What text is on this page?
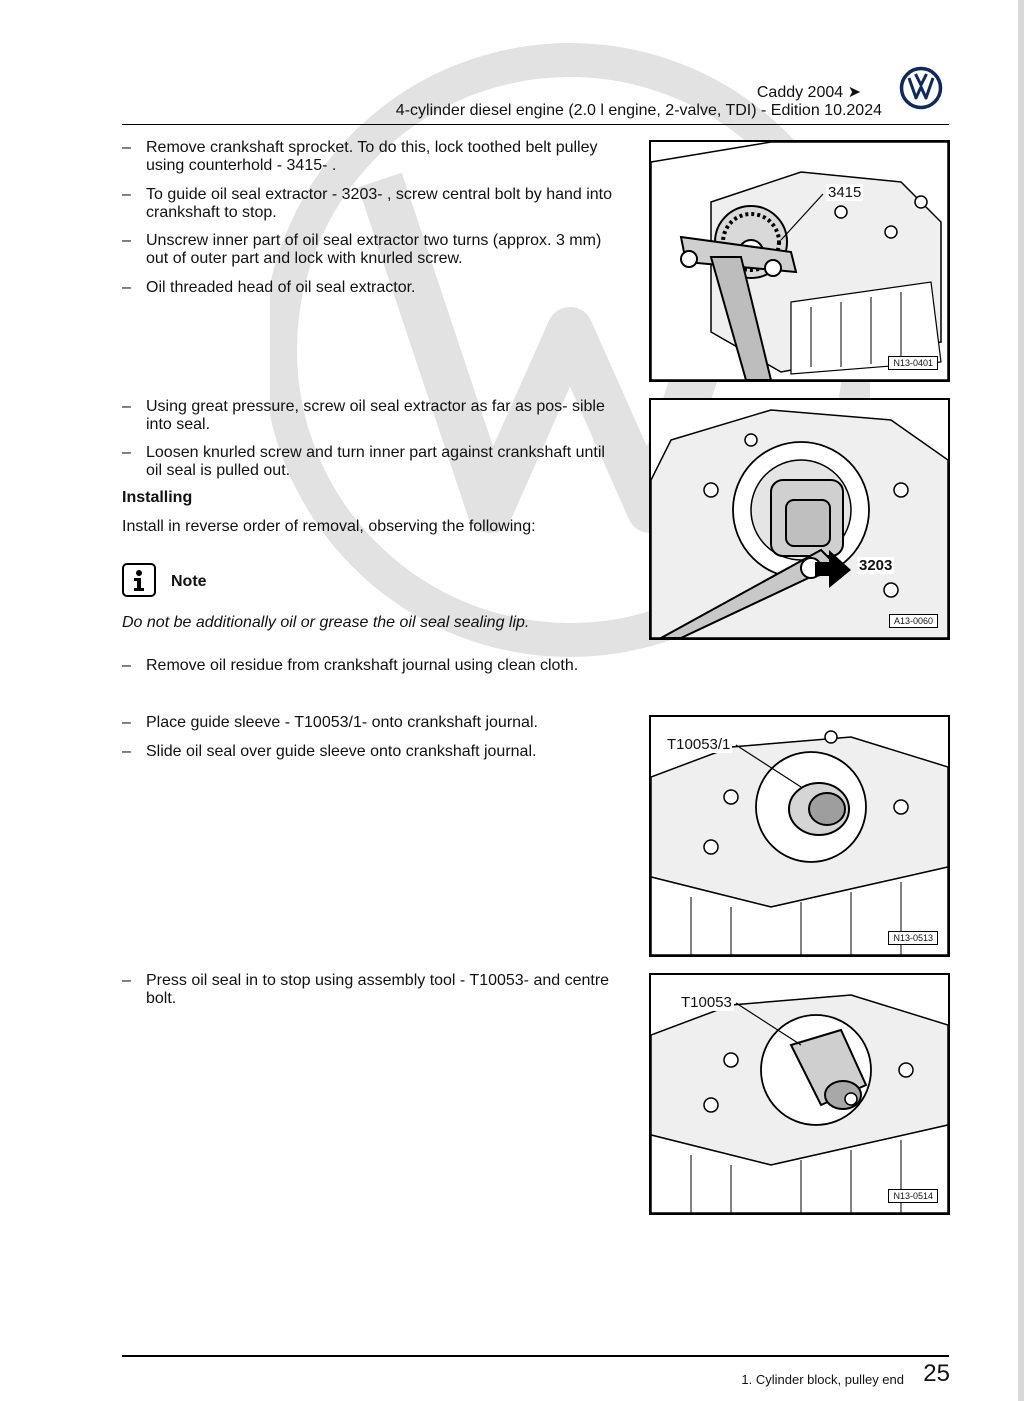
Caddy 2004 ➤
4-cylinder diesel engine (2.0 l engine, 2-valve, TDI) - Edition 10.2024
– Remove crankshaft sprocket. To do this, lock toothed belt pulley using counterhold - 3415- .
– To guide oil seal extractor - 3203- , screw central bolt by hand into crankshaft to stop.
– Unscrew inner part of oil seal extractor two turns (approx. 3 mm) out of outer part and lock with knurled screw.
– Oil threaded head of oil seal extractor.
– Using great pressure, screw oil seal extractor as far as pos- sible into seal.
– Loosen knurled screw and turn inner part against crankshaft until oil seal is pulled out.
Installing
Install in reverse order of removal, observing the following:
Note
Do not be additionally oil or grease the oil seal sealing lip.
– Remove oil residue from crankshaft journal using clean cloth.
– Place guide sleeve - T10053/1- onto crankshaft journal.
– Slide oil seal over guide sleeve onto crankshaft journal.
– Press oil seal in to stop using assembly tool - T10053- and centre bolt.
3415
N13-0401
3203
A13-0060
T10053/1
N13-0513
T10053
N13-0514
1. Cylinder block, pulley end 25
